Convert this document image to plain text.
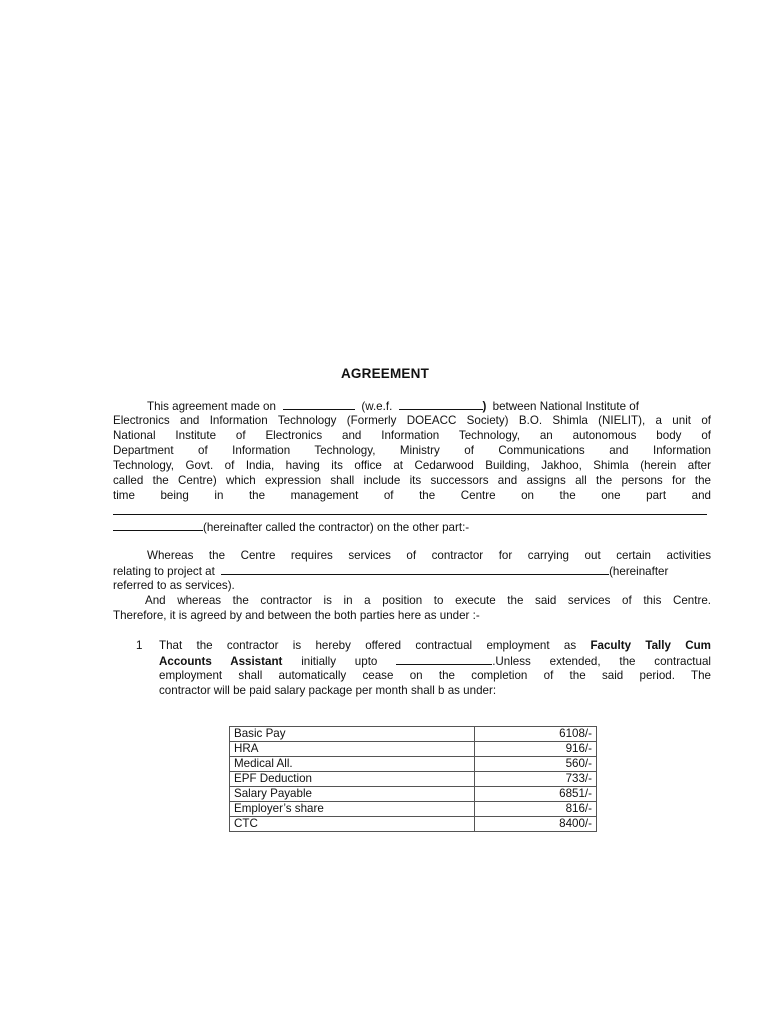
AGREEMENT
This agreement made on	(w.e.f.	) between National Institute of
Electronics and Information Technology (Formerly DOEACC Society) B.O. Shimla (NIELIT), a unit of
National Institute of Electronics and Information Technology, an autonomous body of
Department of Information Technology, Ministry of Communications and Information
Technology, Govt. of India, having its office at Cedarwood Building, Jakhoo, Shimla (herein after
called the Centre) which expression shall include its successors and assigns all the persons for the
time being in the management of the Centre on the one part and
(hereinafter called the contractor) on the other part:-
Whereas the Centre requires services of contractor for carrying out certain activities
relating to project at	(hereinafter
referred to as services).
And whereas the contractor is in a position to execute the said services of this Centre.
Therefore, it is agreed by and between the both parties here as under :-
1 That the contractor is hereby offered contractual employment as Faculty Tally Cum
Accounts Assistant initially upto	.Unless extended, the contractual
employment shall automatically cease on the completion of the said period. The
contractor will be paid salary package per month shall b as under:
Basic Pay	6108/-
HRA	916/-
Medical All.	560/-
EPF Deduction	733/-
Salary Payable	6851/-
Employer’s share	816/-
CTC	8400/-
